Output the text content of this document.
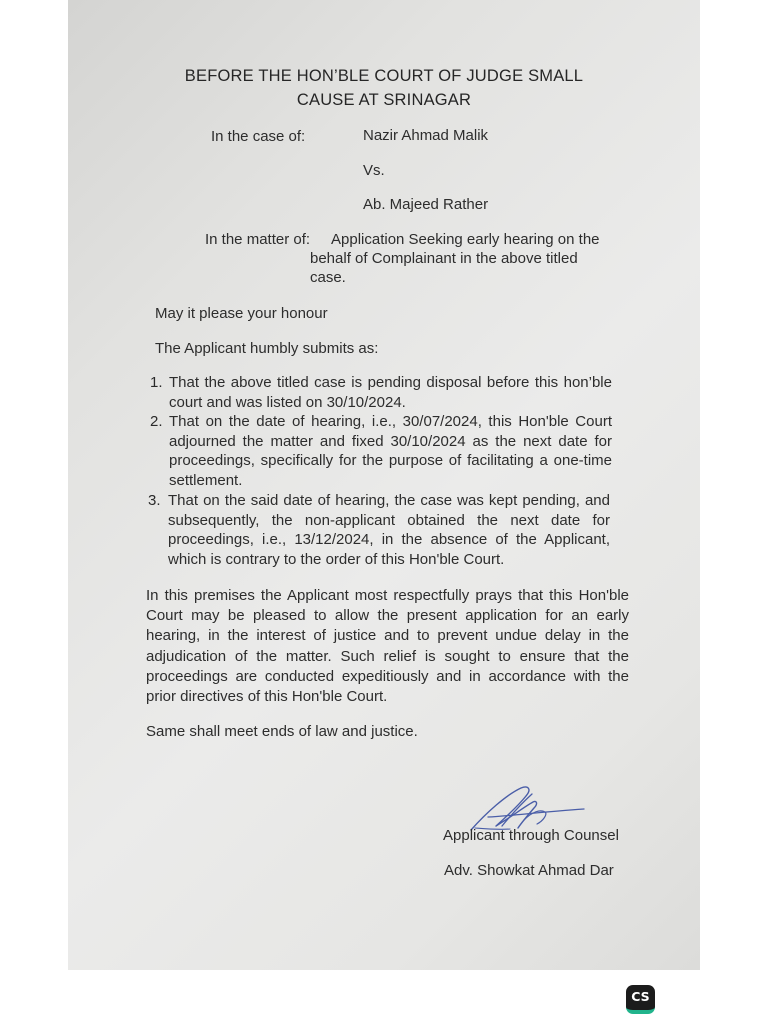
BEFORE THE HON’BLE COURT OF JUDGE SMALL

CAUSE AT SRINAGAR

In the case of:	Nazir Ahmad Malik

Vs.

Ab. Majeed Rather

In the matter of: Application Seeking early hearing on the

behalf of Complainant in the above titled

case.

May it please your honour

The Applicant humbly submits as:

1. That the above titled case is pending disposal before this hon’ble court and was listed on 30/10/2024.
2. That on the date of hearing, i.e., 30/07/2024, this Hon'ble Court adjourned the matter and fixed 30/10/2024 as the next date for proceedings, specifically for the purpose of facilitating a one-time settlement.
3. That on the said date of hearing, the case was kept pending, and subsequently, the non-applicant obtained the next date for proceedings, i.e., 13/12/2024, in the absence of the Applicant, which is contrary to the order of this Hon'ble Court.

In this premises the Applicant most respectfully prays that this Hon'ble Court may be pleased to allow the present application for an early hearing, in the interest of justice and to prevent undue delay in the adjudication of the matter. Such relief is sought to ensure that the proceedings are conducted expeditiously and in accordance with the prior directives of this Hon'ble Court.

Same shall meet ends of law and justice.

Applicant through Counsel

Adv. Showkat Ahmad Dar

CS
